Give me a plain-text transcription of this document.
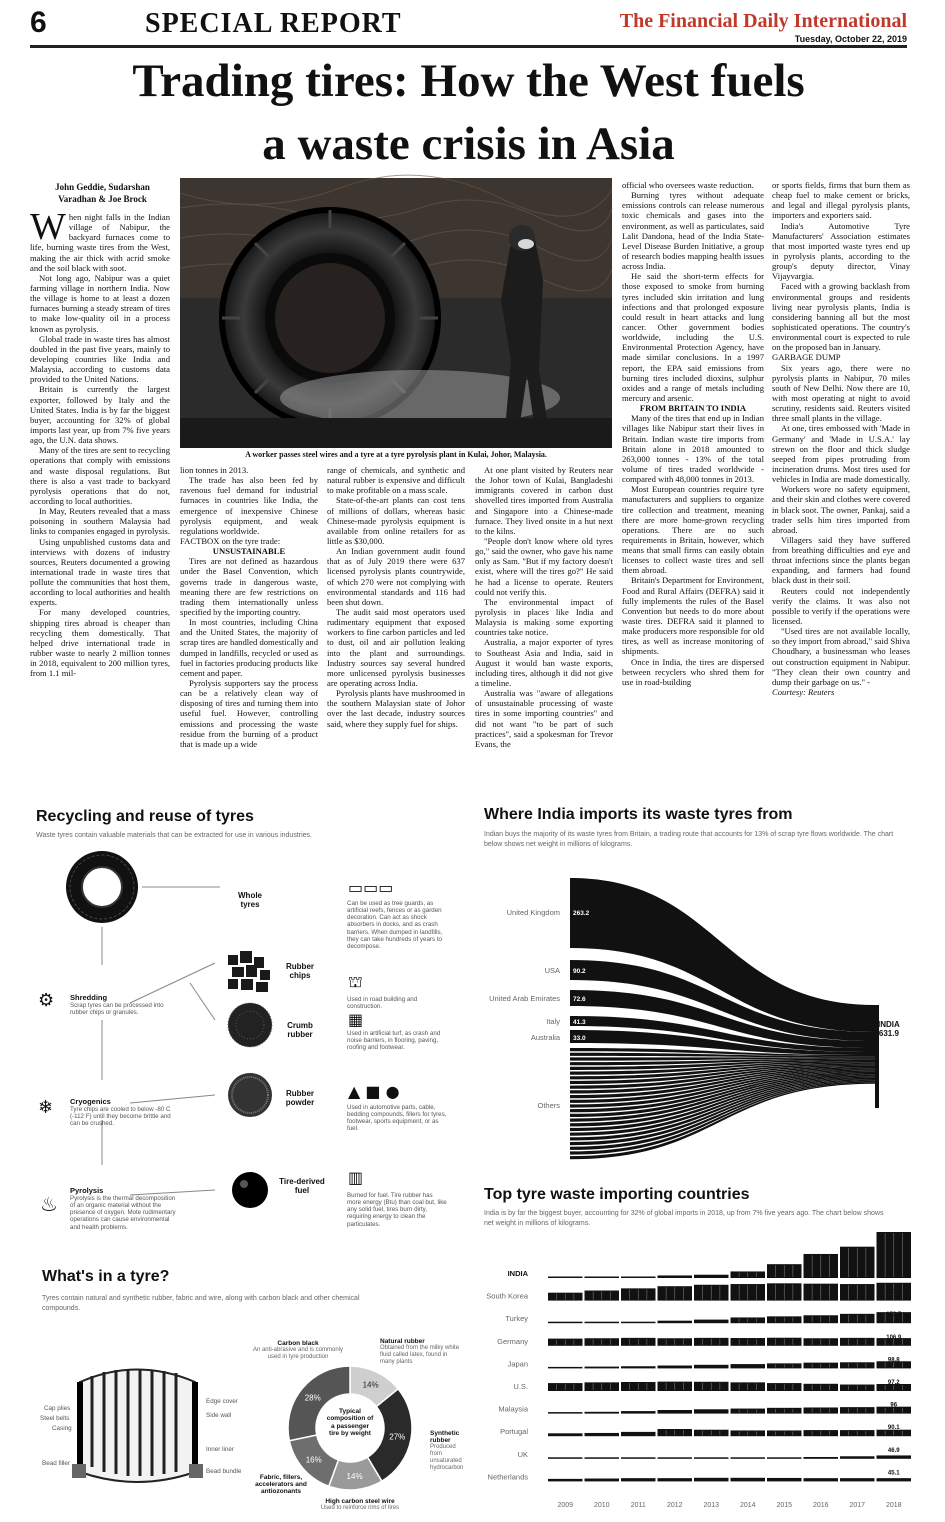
6	SPECIAL REPORT	The Financial Daily International
Tuesday, October 22, 2019
Trading tires: How the West fuels
a waste crisis in Asia
John Geddie, Sudarshan
Varadhan & Joe Brock
A worker passes steel wires and a tyre at a tyre pyrolysis plant in Kulai, Johor, Malaysia.
W hen night falls in the Indian village of Nabipur, the backyard furnaces come to life, burning waste tires from the West, making the air thick with acrid smoke and the soil black with soot.

Not long ago, Nabipur was a quiet farming village in northern India. Now the village is home to at least a dozen furnaces burning a steady stream of tires to make low-quality oil in a process known as pyrolysis.

Global trade in waste tires has almost doubled in the past five years, mainly to developing countries like India and Malaysia, according to customs data provided to the United Nations.

Britain is currently the largest exporter, followed by Italy and the United States. India is by far the biggest buyer, accounting for 32% of global imports last year, up from 7% five years ago, the U.N. data shows.

Many of the tires are sent to recycling operations that comply with emissions and waste disposal regulations. But there is also a vast trade to backyard pyrolysis operations that do not, according to local authorities.

In May, Reuters revealed that a mass poisoning in southern Malaysia had links to companies engaged in pyrolysis.

Using unpublished customs data and interviews with dozens of industry sources, Reuters documented a growing international trade in waste tires that pollute the communities that host them, according to local authorities and health experts.

For many developed countries, shipping tires abroad is cheaper than recycling them domestically. That helped drive international trade in rubber waste to nearly 2 million tonnes in 2018, equivalent to 200 million tyres, from 1.1 mil-

lion tonnes in 2013.

The trade has also been fed by ravenous fuel demand for industrial furnaces in countries like India, the emergence of inexpensive Chinese pyrolysis equipment, and weak regulations worldwide.

FACTBOX on the tyre trade:

UNSUSTAINABLE

Tires are not defined as hazardous under the Basel Convention, which governs trade in dangerous waste, meaning there are few restrictions on trading them internationally unless specified by the importing country.

In most countries, including China and the United States, the majority of scrap tires are handled domestically and dumped in landfills, recycled or used as fuel in factories producing products like cement and paper.

Pyrolysis supporters say the process can be a relatively clean way of disposing of tires and turning them into useful fuel. However, controlling emissions and processing the waste residue from the burning of a product that is made up a wide

range of chemicals, and synthetic and natural rubber is expensive and difficult to make profitable on a mass scale.

State-of-the-art plants can cost tens of millions of dollars, whereas basic Chinese-made pyrolysis equipment is available from online retailers for as little as $30,000.

An Indian government audit found that as of July 2019 there were 637 licensed pyrolysis plants countrywide, of which 270 were not complying with environmental standards and 116 had been shut down.

The audit said most operators used rudimentary equipment that exposed workers to fine carbon particles and led to dust, oil and air pollution leaking into the plant and surroundings. Industry sources say several hundred more unlicensed pyrolysis businesses are operating across India.

Pyrolysis plants have mushroomed in the southern Malaysian state of Johor over the last decade, industry sources said, where they supply fuel for ships.

At one plant visited by Reuters near the Johor town of Kulai, Bangladeshi immigrants covered in carbon dust shovelled tires imported from Australia and Singapore into a Chinese-made furnace. They lived onsite in a hut next to the kilns.

"People don't know where old tyres go," said the owner, who gave his name only as Sam. "But if my factory doesn't exist, where will the tires go?" He said he had a license to operate. Reuters could not verify this.

The environmental impact of pyrolysis in places like India and Malaysia is making some exporting countries take notice.

Australia, a major exporter of tyres to Southeast Asia and India, said in August it would ban waste exports, including tires, although it did not give a timeline.

Australia was "aware of allegations of unsustainable processing of waste tires in some importing countries" and did not want "to be part of such practices", said a spokesman for Trevor Evans, the

official who oversees waste reduction.

Burning tyres without adequate emissions controls can release numerous toxic chemicals and gases into the environment, as well as particulates, said Lalit Dandona, head of the India State-Level Disease Burden Initiative, a group of research bodies mapping health issues across India.

He said the short-term effects for those exposed to smoke from burning tyres included skin irritation and lung infections and that prolonged exposure could result in heart attacks and lung cancer. Other government bodies worldwide, including the U.S. Environmental Protection Agency, have made similar conclusions. In a 1997 report, the EPA said emissions from burning tires included dioxins, sulphur oxides and a range of metals including mercury and arsenic.

FROM BRITAIN TO INDIA

Many of the tires that end up in Indian villages like Nabipur start their lives in Britain. Indian waste tire imports from Britain alone in 2018 amounted to 263,000 tonnes - 13% of the total volume of tires traded worldwide - compared with 48,000 tonnes in 2013.

Most European countries require tyre manufacturers and suppliers to organize tire collection and treatment, meaning there are more home-grown recycling operations. There are no such requirements in Britain, however, which means that small firms can easily obtain licenses to collect waste tires and sell them abroad.

Britain's Department for Environment, Food and Rural Affairs (DEFRA) said it fully implements the rules of the Basel Convention but needs to do more about waste tires. DEFRA said it planned to make producers more responsible for old tires, as well as increase monitoring of shipments.

Once in India, the tires are dispersed between recyclers who shred them for use in road-building

or sports fields, firms that burn them as cheap fuel to make cement or bricks, and legal and illegal pyrolysis plants, importers and exporters said.

India's Automotive Tyre Manufacturers' Association estimates that most imported waste tyres end up in pyrolysis plants, according to the group's deputy director, Vinay Vijayvargia.

Faced with a growing backlash from environmental groups and residents living near pyrolysis plants, India is considering banning all but the most sophisticated operations. The country's environmental court is expected to rule on the proposed ban in January.

GARBAGE DUMP

Six years ago, there were no pyrolysis plants in Nabipur, 70 miles south of New Delhi. Now there are 10, with most operating at night to avoid scrutiny, residents said. Reuters visited three small plants in the village.

At one, tires embossed with 'Made in Germany' and 'Made in U.S.A.' lay strewn on the floor and thick sludge seeped from pipes protruding from incineration drums. Most tires used for vehicles in India are made domestically.

Workers wore no safety equipment, and their skin and clothes were covered in black soot. The owner, Pankaj, said a trader sells him tires imported from abroad.

Villagers said they have suffered from breathing difficulties and eye and throat infections since the plants began expanding, and farmers had found black dust in their soil.

Reuters could not independently verify the claims. It was also not possible to verify if the operations were licensed.

"Used tires are not available locally, so they import from abroad," said Shiva Choudhary, a businessman who leases out construction equipment in Nabipur. "They clean their own country and dump their garbage on us." -

Courtesy: Reuters

Recycling and reuse of tyres
Waste tyres contain valuable materials that can be extracted for use in various industries.
Whole tyres	Can be used as tree guards, as artificial reefs, fences or as garden decoration. Can act as shock absorbers in docks, and as crash barriers. When dumped in landfills, they can take hundreds of years to decompose.
▭▭▭
Rubber chips
Used in road building and construction.
⛫
Crumb rubber	Used in artificial turf, as crash and noise barriers, in flooring, paving, roofing and footwear.
▦
Rubber powder
Used in automotive parts, cable, bedding compounds, fillers for tyres, footwear, sports equipment, or as fuel.
▲ ■ ●
Tire-derived fuel
Burned for fuel. Tire rubber has more energy (Btu) than coal but, like any solid fuel, tires burn dirty, requiring energy to clean the particulates.
▥
⚙ Shredding
Scrap tyres can be processed into rubber chips or granules.
❄ Cryogenics
Tyre chips are cooled to below -80 C (-112 F) until they become brittle and can be crushed.
♨
Pyrolysis
Pyrolysis is the thermal decomposition of an organic material without the presence of oxygen. Mote rudimentary operations can cause environmental and health problems.
What's in a tyre?
Tyres contain natural and synthetic rubber, fabric and wire, along with carbon black and other chemical compounds.
Cap plies
Steel belts
Casing
Bead filler
Edge cover
Side wall
Inner liner
Bead bundle
14%
27%
14%
16%
28%
Typical composition of a passenger tire by weight
Carbon black
An anti-abrasive and is commonly used in tyre production
Natural rubber
Obtained from the milky white fluid called latex, found in many plants
Synthetic rubber
Produced from unsaturated hydrocarbon
High carbon steel wire
Used to reinforce rims of tires
Fabric, fillers, accelerators and antiozonants
Where India imports its waste tyres from
Indian buys the majority of its waste tyres from Britain, a trading route that accounts for 13% of scrap tyre flows worldwide. The chart below shows net weight in millions of kilograms.
United Kingdom 263.2
USA 90.2
United Arab Emirates 72.6
Italy 41.3
Australia 33.0
Others
INDIA
631.9
Top tyre waste importing countries
India is by far the biggest buyer, accounting for 32% of global imports in 2018, up from 7% five years ago. The chart below shows net weight in millions of kilograms.
INDIA
631.9
South Korea	247.6
Turkey	153.7
Germany	106.9
Japan	98.8
U.S.	97.2
Malaysia	96
Portugal	90.1
UK	46.9
Netherlands	45.1
2009	2010	2011	2012	2013	2014	2015	2016	2017	2018
